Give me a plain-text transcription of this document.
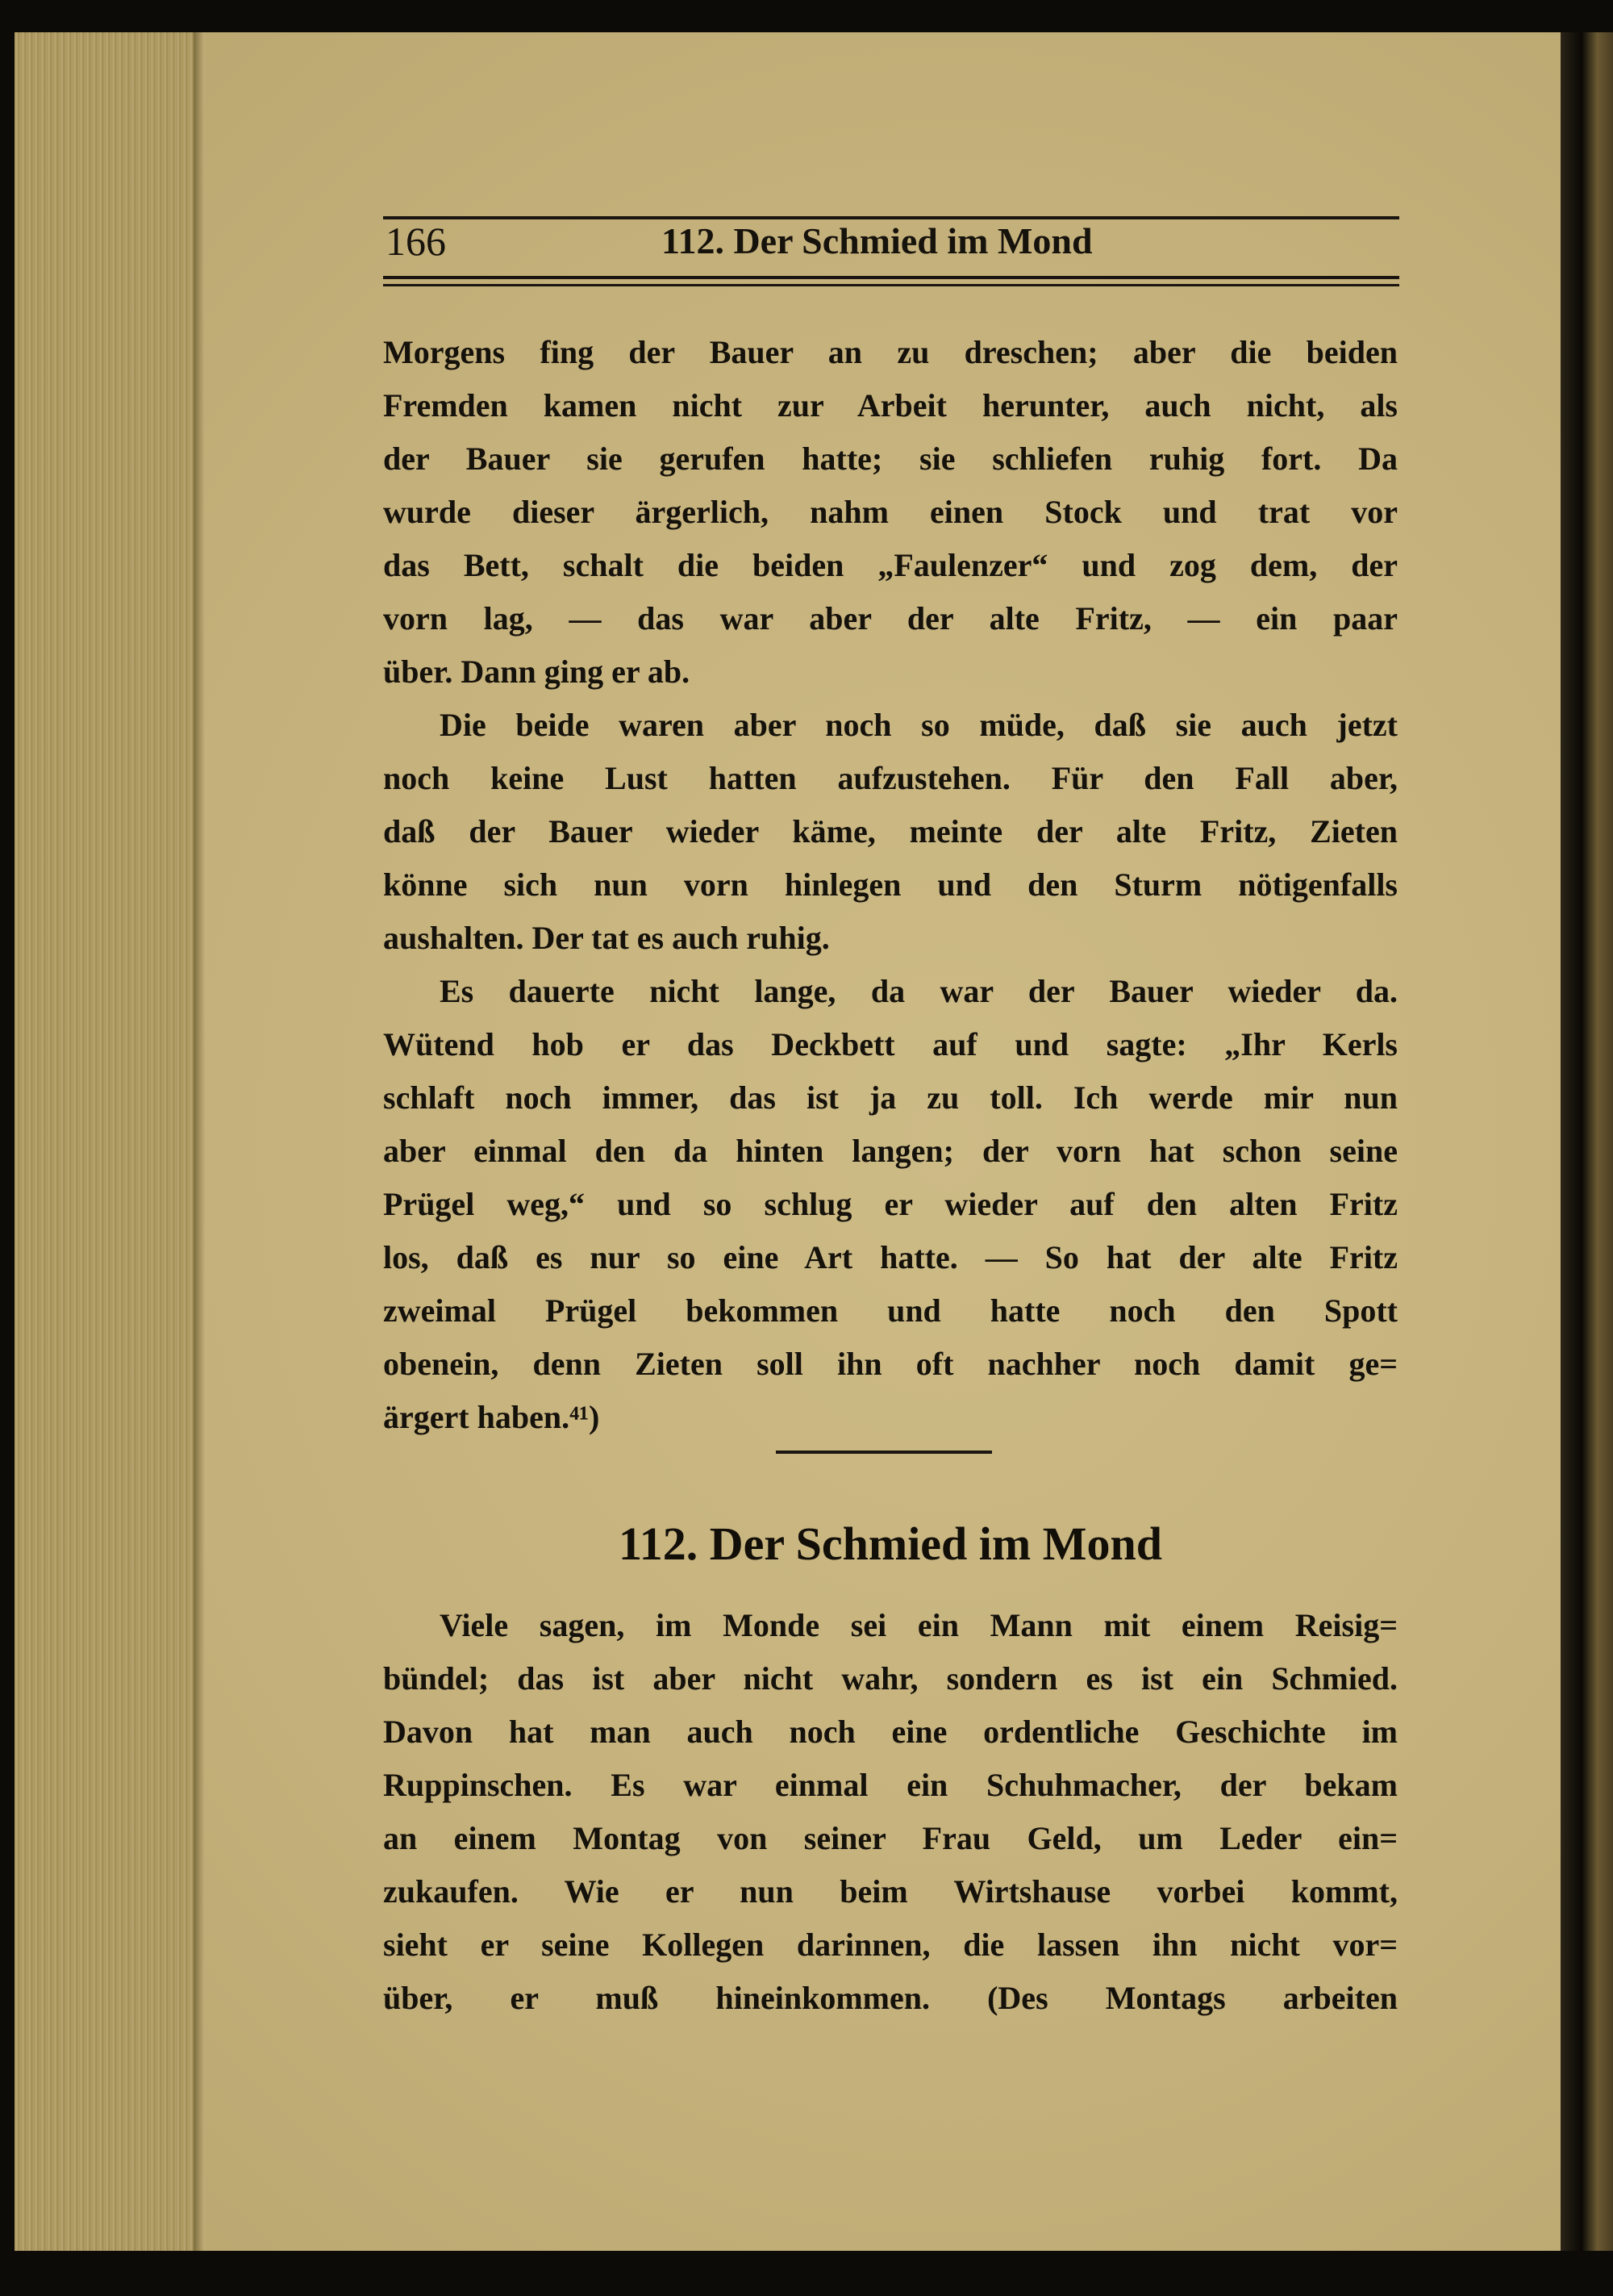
166	112. Der Schmied im Mond
Morgens fing der Bauer an zu dreschen; aber die beiden
Fremden kamen nicht zur Arbeit herunter, auch nicht, als
der Bauer sie gerufen hatte; sie schliefen ruhig fort. Da
wurde dieser ärgerlich, nahm einen Stock und trat vor
das Bett, schalt die beiden „Faulenzer“ und zog dem, der
vorn lag, — das war aber der alte Fritz, — ein paar
über. Dann ging er ab.
Die beide waren aber noch so müde, daß sie auch jetzt
noch keine Lust hatten aufzustehen. Für den Fall aber,
daß der Bauer wieder käme, meinte der alte Fritz, Zieten
könne sich nun vorn hinlegen und den Sturm nötigenfalls
aushalten. Der tat es auch ruhig.
Es dauerte nicht lange, da war der Bauer wieder da.
Wütend hob er das Deckbett auf und sagte: „Ihr Kerls
schlaft noch immer, das ist ja zu toll. Ich werde mir nun
aber einmal den da hinten langen; der vorn hat schon seine
Prügel weg,“ und so schlug er wieder auf den alten Fritz
los, daß es nur so eine Art hatte. — So hat der alte Fritz
zweimal Prügel bekommen und hatte noch den Spott
obenein, denn Zieten soll ihn oft nachher noch damit ge=
ärgert haben.⁴¹)
112. Der Schmied im Mond
Viele sagen, im Monde sei ein Mann mit einem Reisig=
bündel; das ist aber nicht wahr, sondern es ist ein Schmied.
Davon hat man auch noch eine ordentliche Geschichte im
Ruppinschen. Es war einmal ein Schuhmacher, der bekam
an einem Montag von seiner Frau Geld, um Leder ein=
zukaufen. Wie er nun beim Wirtshause vorbei kommt,
sieht er seine Kollegen darinnen, die lassen ihn nicht vor=
über, er muß hineinkommen. (Des Montags arbeiten
